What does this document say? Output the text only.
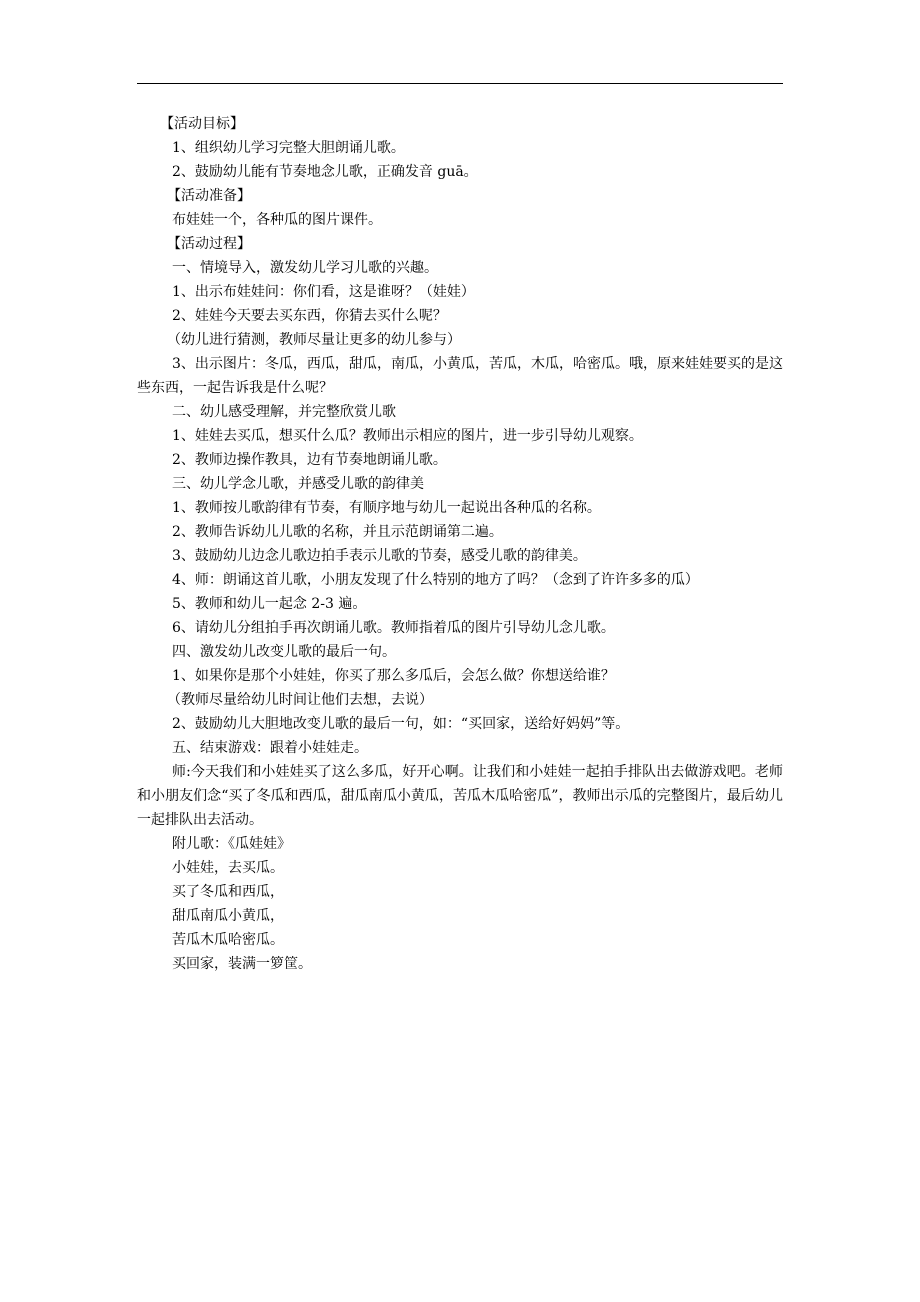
【活动目标】
1、组织幼儿学习完整大胆朗诵儿歌。
2、鼓励幼儿能有节奏地念儿歌，正确发音 guā。
【活动准备】
布娃娃一个，各种瓜的图片课件。
【活动过程】
一、情境导入，激发幼儿学习儿歌的兴趣。
1、出示布娃娃问：你们看，这是谁呀？（娃娃）
2、娃娃今天要去买东西，你猜去买什么呢？
（幼儿进行猜测，教师尽量让更多的幼儿参与）
3、出示图片：冬瓜，西瓜，甜瓜，南瓜，小黄瓜，苦瓜，木瓜，哈密瓜。哦，原来娃娃要买的是这些东西，一起告诉我是什么呢？
二、幼儿感受理解，并完整欣赏儿歌
1、娃娃去买瓜，想买什么瓜？教师出示相应的图片，进一步引导幼儿观察。
2、教师边操作教具，边有节奏地朗诵儿歌。
三、幼儿学念儿歌，并感受儿歌的韵律美
1、教师按儿歌韵律有节奏，有顺序地与幼儿一起说出各种瓜的名称。
2、教师告诉幼儿儿歌的名称，并且示范朗诵第二遍。
3、鼓励幼儿边念儿歌边拍手表示儿歌的节奏，感受儿歌的韵律美。
4、师：朗诵这首儿歌，小朋友发现了什么特别的地方了吗？（念到了许许多多的瓜）
5、教师和幼儿一起念 2-3 遍。
6、请幼儿分组拍手再次朗诵儿歌。教师指着瓜的图片引导幼儿念儿歌。
四、激发幼儿改变儿歌的最后一句。
1、如果你是那个小娃娃，你买了那么多瓜后，会怎么做？你想送给谁？
（教师尽量给幼儿时间让他们去想，去说）
2、鼓励幼儿大胆地改变儿歌的最后一句，如：“买回家，送给好妈妈”等。
五、结束游戏：跟着小娃娃走。
师:今天我们和小娃娃买了这么多瓜，好开心啊。让我们和小娃娃一起拍手排队出去做游戏吧。老师和小朋友们念“买了冬瓜和西瓜，甜瓜南瓜小黄瓜，苦瓜木瓜哈密瓜”，教师出示瓜的完整图片，最后幼儿一起排队出去活动。
附儿歌：《瓜娃娃》
小娃娃，去买瓜。
买了冬瓜和西瓜，
甜瓜南瓜小黄瓜，
苦瓜木瓜哈密瓜。
买回家，装满一箩筐。
